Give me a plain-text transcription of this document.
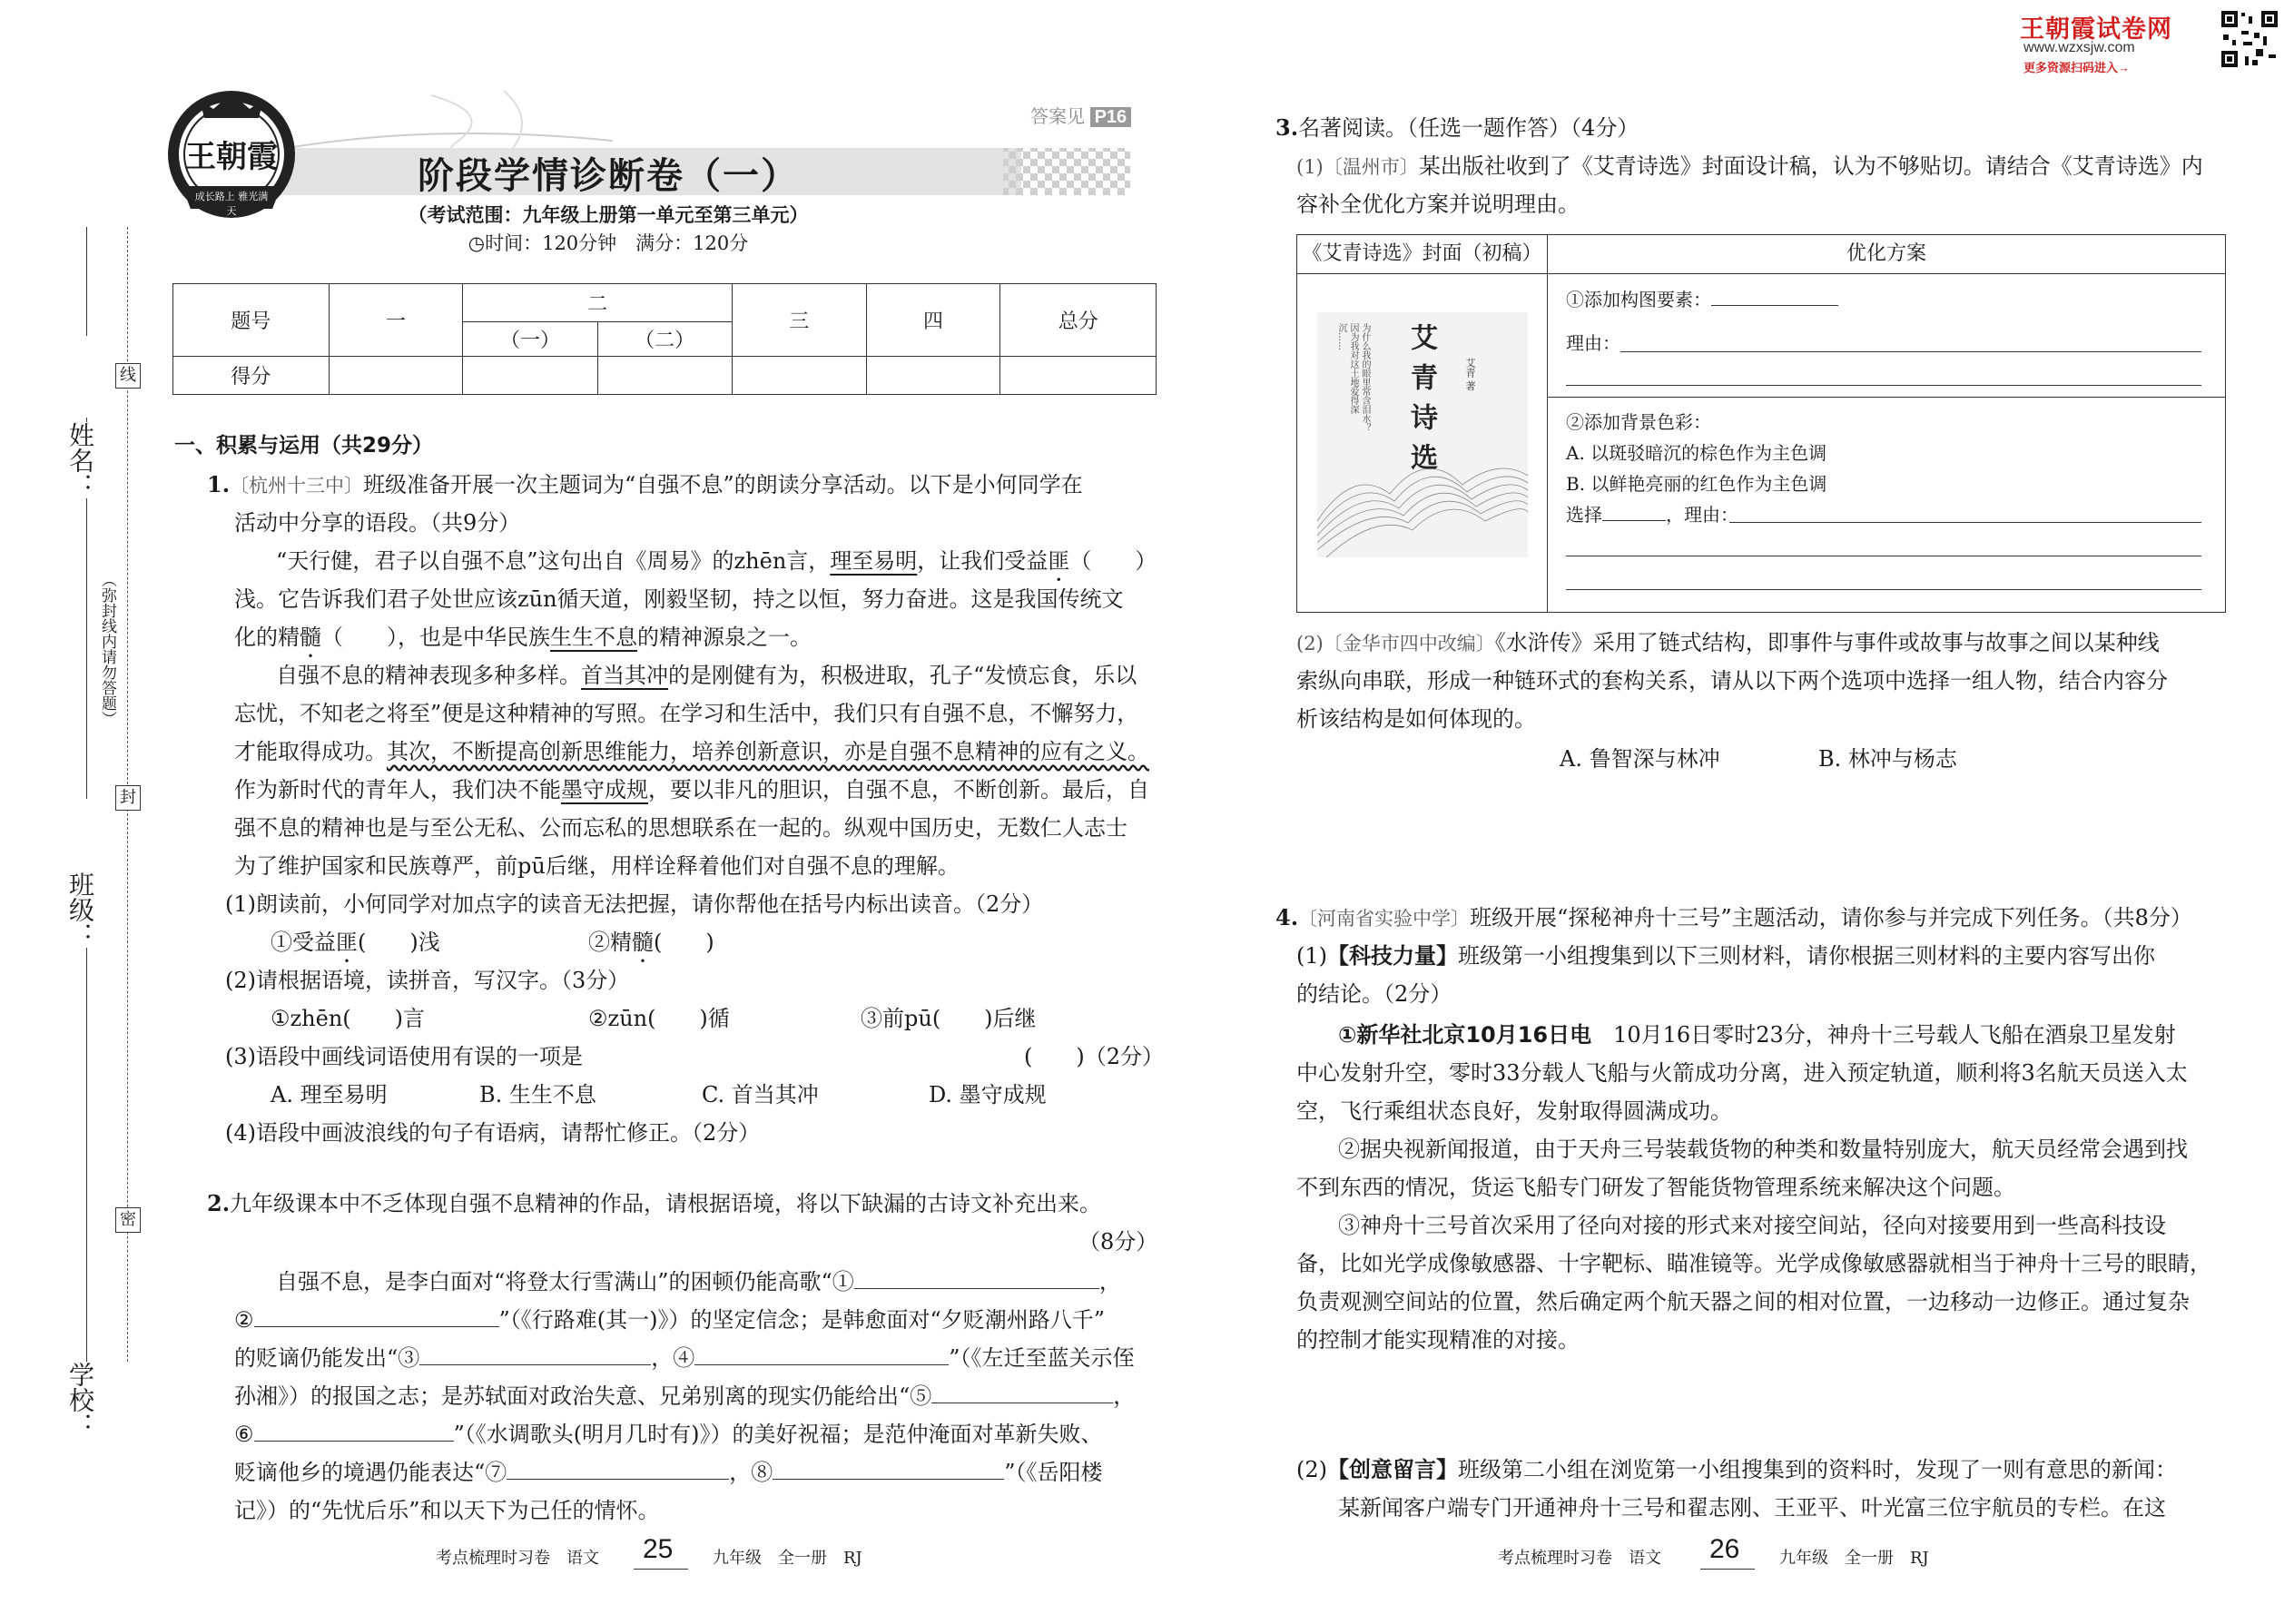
王朝霞试卷网
www.wzxsjw.com
更多资源扫码进入→
线
封
密
（弥封线内请勿答题）
姓名：
班级：
学校：
王朝霞
成长路上 雅光满天
答案见 P16
阶段学情诊断卷（一）
（考试范围：九年级上册第一单元至第三单元）
◷时间：120分钟　满分：120分
题号	一	二		三	四	总分
		（一）	（二）			
得分						
一、积累与运用（共29分）
1.〔杭州十三中〕班级准备开展一次主题词为“自强不息”的朗读分享活动。以下是小何同学在
活动中分享的语段。（共9分）
“天行健，君子以自强不息”这句出自《周易》的zhēn言，理至易明，让我们受益匪（　　）
浅。它告诉我们君子处世应该zūn循天道，刚毅坚韧，持之以恒，努力奋进。这是我国传统文
化的精髓（　　），也是中华民族生生不息的精神源泉之一。
自强不息的精神表现多种多样。首当其冲的是刚健有为，积极进取，孔子“发愤忘食，乐以
忘忧，不知老之将至”便是这种精神的写照。在学习和生活中，我们只有自强不息，不懈努力，
才能取得成功。其次，不断提高创新思维能力，培养创新意识，亦是自强不息精神的应有之义。
作为新时代的青年人，我们决不能墨守成规，要以非凡的胆识，自强不息，不断创新。最后，自
强不息的精神也是与至公无私、公而忘私的思想联系在一起的。纵观中国历史，无数仁人志士
为了维护国家和民族尊严，前pū后继，用样诠释着他们对自强不息的理解。
(1)朗读前，小何同学对加点字的读音无法把握，请你帮他在括号内标出读音。（2分）
①受益匪(　　)浅	②精髓(　　)
(2)请根据语境，读拼音，写汉字。（3分）
①zhēn(　　)言	②zūn(　　)循	③前pū(　　)后继
(3)语段中画线词语使用有误的一项是	(　　)（2分）
A. 理至易明	B. 生生不息	C. 首当其冲	D. 墨守成规
(4)语段中画波浪线的句子有语病，请帮忙修正。（2分）
2.九年级课本中不乏体现自强不息精神的作品，请根据语境，将以下缺漏的古诗文补充出来。
（8分）
自强不息，是李白面对“将登太行雪满山”的困顿仍能高歌“①	，
②	”（《行路难(其一)》）的坚定信念；是韩愈面对“夕贬潮州路八千”
的贬谪仍能发出“③	，④	”（《左迁至蓝关示侄
孙湘》）的报国之志；是苏轼面对政治失意、兄弟别离的现实仍能给出“⑤	，
⑥	”（《水调歌头(明月几时有)》）的美好祝福；是范仲淹面对革新失败、
贬谪他乡的境遇仍能表达“⑦	，⑧	”（《岳阳楼
记》）的“先忧后乐”和以天下为己任的情怀。
3.名著阅读。（任选一题作答）（4分）
(1)〔温州市〕某出版社收到了《艾青诗选》封面设计稿，认为不够贴切。请结合《艾青诗选》内
容补全优化方案并说明理由。
《艾青诗选》封面（初稿）	优化方案
为什么我的眼里常含泪水？因为我对这土地爱得深沉……	艾青诗选	艾青 著
①添加构图要素：
理由：
②添加背景色彩：
A. 以斑驳暗沉的棕色作为主色调
B. 以鲜艳亮丽的红色作为主色调
选择	，理由：
(2)〔金华市四中改编〕《水浒传》采用了链式结构，即事件与事件或故事与故事之间以某种线
索纵向串联，形成一种链环式的套构关系，请从以下两个选项中选择一组人物，结合内容分
析该结构是如何体现的。
A. 鲁智深与林冲	B. 林冲与杨志
4.〔河南省实验中学〕班级开展“探秘神舟十三号”主题活动，请你参与并完成下列任务。（共8分）
(1)【科技力量】班级第一小组搜集到以下三则材料，请你根据三则材料的主要内容写出你
的结论。（2分）
①新华社北京10月16日电　10月16日零时23分，神舟十三号载人飞船在酒泉卫星发射
中心发射升空，零时33分载人飞船与火箭成功分离，进入预定轨道，顺利将3名航天员送入太
空，飞行乘组状态良好，发射取得圆满成功。
②据央视新闻报道，由于天舟三号装载货物的种类和数量特别庞大，航天员经常会遇到找
不到东西的情况，货运飞船专门研发了智能货物管理系统来解决这个问题。
③神舟十三号首次采用了径向对接的形式来对接空间站，径向对接要用到一些高科技设
备，比如光学成像敏感器、十字靶标、瞄准镜等。光学成像敏感器就相当于神舟十三号的眼睛，
负责观测空间站的位置，然后确定两个航天器之间的相对位置，一边移动一边修正。通过复杂
的控制才能实现精准的对接。
(2)【创意留言】班级第二小组在浏览第一小组搜集到的资料时，发现了一则有意思的新闻：
某新闻客户端专门开通神舟十三号和翟志刚、王亚平、叶光富三位宇航员的专栏。在这
考点梳理时习卷　语文 25 九年级　全一册　RJ	考点梳理时习卷　语文 26 九年级　全一册　RJ
